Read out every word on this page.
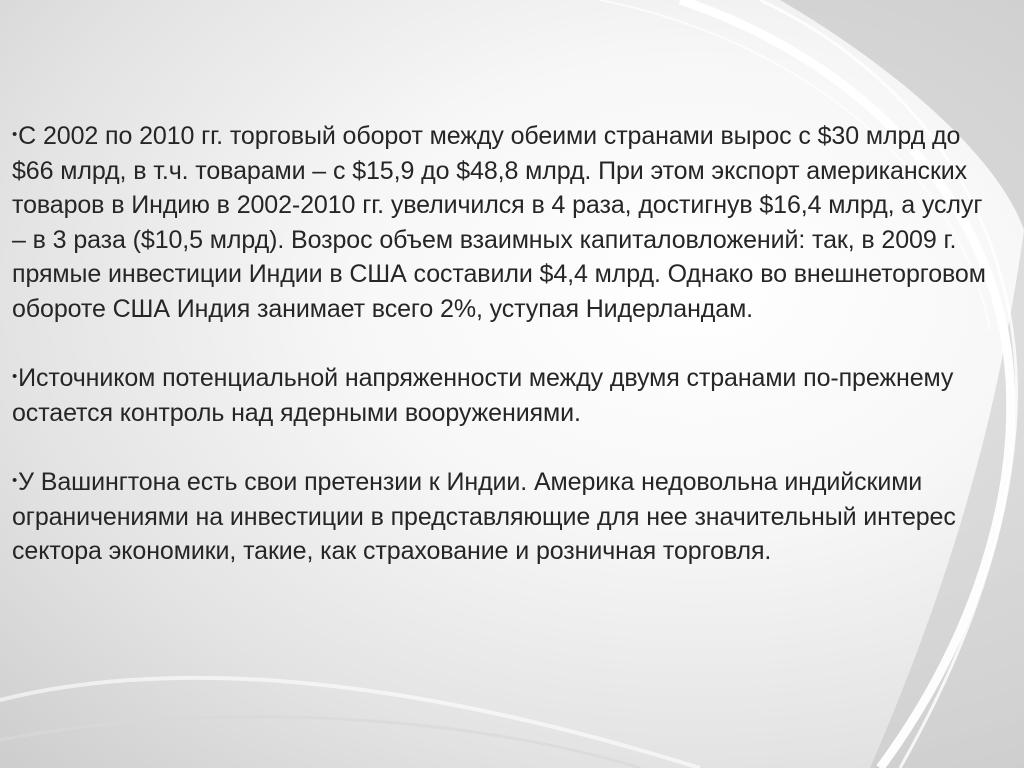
•С 2002 по 2010 гг. торговый оборот между обеими странами вырос с $30 млрд до $66 млрд, в т.ч. товарами – с $15,9 до $48,8 млрд. При этом экспорт американских товаров в Индию в 2002-2010 гг. увеличился в 4 раза, достигнув $16,4 млрд, а услуг – в 3 раза ($10,5 млрд). Возрос объем взаимных капиталовложений: так, в 2009 г. прямые инвестиции Индии в США составили $4,4 млрд. Однако во внешнеторговом обороте США Индия занимает всего 2%, уступая Нидерландам.

•Источником потенциальной напряженности между двумя странами по-прежнему остается контроль над ядерными вооружениями.

•У Вашингтона есть свои претензии к Индии. Америка недовольна индийскими ограничениями на инвестиции в представляющие для нее значительный интерес сектора экономики, такие, как страхование и розничная торговля.
